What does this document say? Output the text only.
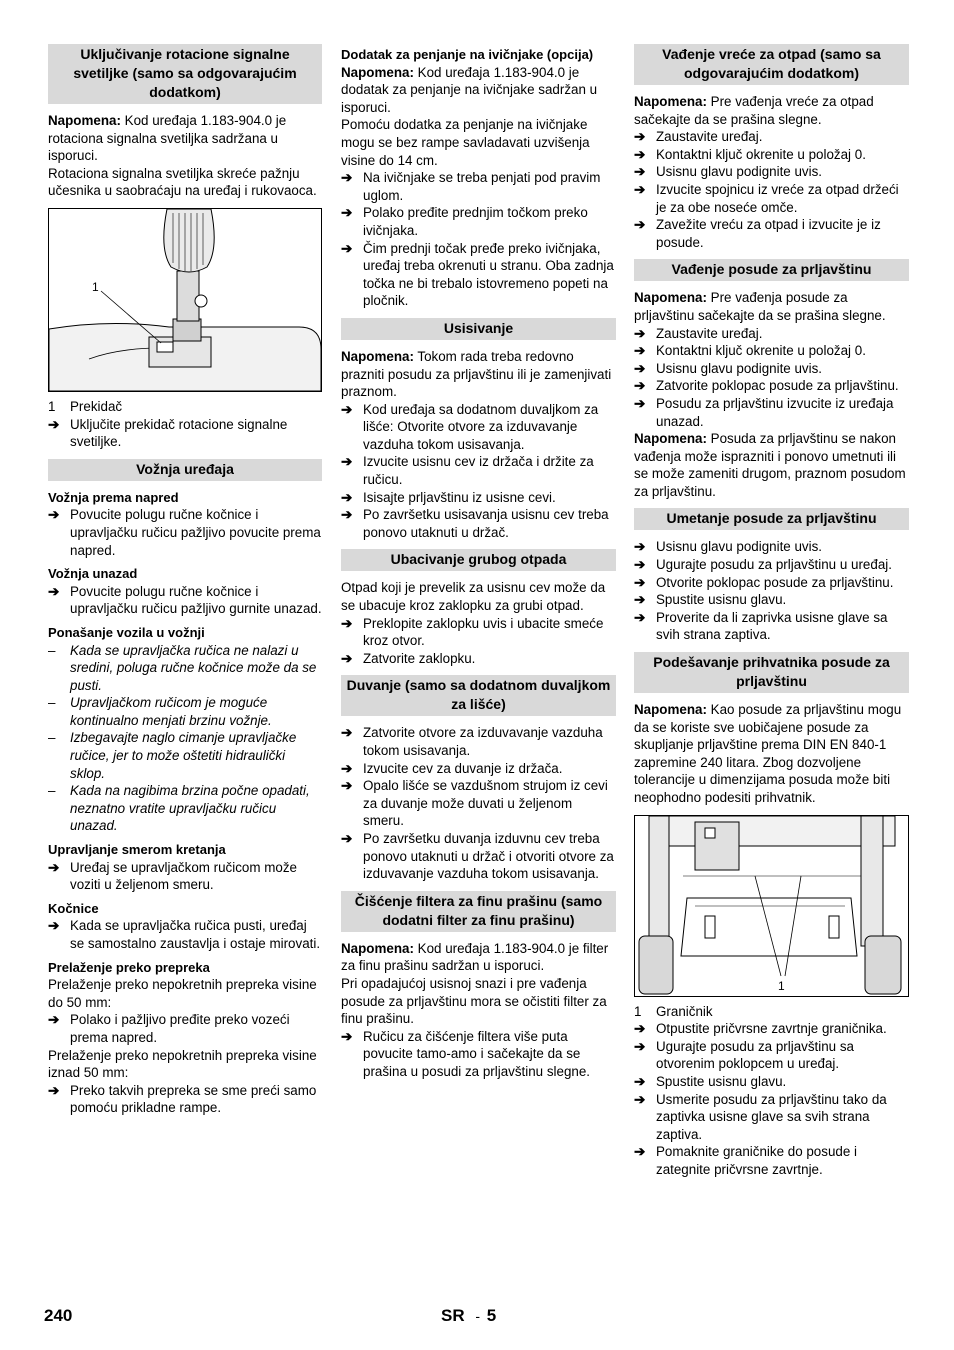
Uključivanje rotacione signalne svetiljke (samo sa odgovarajućim dodatkom)

Napomena: Kod uređaja 1.183-904.0 je rotaciona signalna svetiljka sadržana u isporuci.

Rotaciona signalna svetiljka skreće pažnju učesnika u saobraćaju na uređaj i rukovaoca.

1
1	Prekidač
➔ Uključite prekidač rotacione signalne svetiljke.
Vožnja uređaja
Vožnja prema napred
➔ Povucite polugu ručne kočnice i upravljačku ručicu pažljivo povucite prema napred.
Vožnja unazad
➔ Povucite polugu ručne kočnice i upravljačku ručicu pažljivo gurnite unazad.
Ponašanje vozila u vožnji
–	Kada se upravljačka ručica ne nalazi u sredini, poluga ručne kočnice može da se pusti.
–	Upravljačkom ručicom je moguće kontinualno menjati brzinu vožnje.
–	Izbegavajte naglo cimanje upravljačke ručice, jer to može oštetiti hidraulički sklop.
–	Kada na nagibima brzina počne opadati, neznatno vratite upravljačku ručicu unazad.
Upravljanje smerom kretanja
➔ Uređaj se upravljačkom ručicom može voziti u željenom smeru.
Kočnice
➔ Kada se upravljačka ručica pusti, uređaj se samostalno zaustavlja i ostaje mirovati.
Prelaženje preko prepreka

Prelaženje preko nepokretnih prepreka visine do 50 mm:

➔ Polako i pažljivo pređite preko vozeći prema napred.

Prelaženje preko nepokretnih prepreka visine iznad 50 mm:

➔ Preko takvih prepreka se sme preći samo pomoću prikladne rampe.
Dodatak za penjanje na ivičnjake (opcija)

Napomena: Kod uređaja 1.183-904.0 je dodatak za penjanje na ivičnjake sadržan u isporuci.

Pomoću dodatka za penjanje na ivičnjake mogu se bez rampe savladavati uzvišenja visine do 14 cm.

➔ Na ivičnjake se treba penjati pod pravim uglom.
➔ Polako pređite prednjim točkom preko ivičnjaka.
➔ Čim prednji točak pređe preko ivičnjaka, uređaj treba okrenuti u stranu. Oba zadnja točka ne bi trebalo istovremeno popeti na pločnik.
Usisivanje

Napomena: Tokom rada treba redovno prazniti posudu za prljavštinu ili je zamenjivati praznom.

➔ Kod uređaja sa dodatnom duvaljkom za lišće: Otvorite otvore za izduvavanje vazduha tokom usisavanja.
➔ Izvucite usisnu cev iz držača i držite za ručicu.
➔ Isisajte prljavštinu iz usisne cevi.
➔ Po završetku usisavanja usisnu cev treba ponovo utaknuti u držač.
Ubacivanje grubog otpada

Otpad koji je prevelik za usisnu cev može da se ubacuje kroz zaklopku za grubi otpad.

➔ Preklopite zaklopku uvis i ubacite smeće kroz otvor.
➔ Zatvorite zaklopku.
Duvanje (samo sa dodatnom duvaljkom za lišće)
➔ Zatvorite otvore za izduvavanje vazduha tokom usisavanja.
➔ Izvucite cev za duvanje iz držača.
➔ Opalo lišće se vazdušnom strujom iz cevi za duvanje može duvati u željenom smeru.
➔ Po završetku duvanja izduvnu cev treba ponovo utaknuti u držač i otvoriti otvore za izduvavanje vazduha tokom usisavanja.
Čišćenje filtera za finu prašinu (samo dodatni filter za finu prašinu)

Napomena: Kod uređaja 1.183-904.0 je filter za finu prašinu sadržan u isporuci.

Pri opadajućoj usisnoj snazi i pre vađenja posude za prljavštinu mora se očistiti filter za finu prašinu.

➔ Ručicu za čišćenje filtera više puta povucite tamo-amo i sačekajte da se prašina u posudi za prljavštinu slegne.
Vađenje vreće za otpad (samo sa odgovarajućim dodatkom)

Napomena: Pre vađenja vreće za otpad sačekajte da se prašina slegne.

➔ Zaustavite uređaj.
➔ Kontaktni ključ okrenite u položaj 0.
➔ Usisnu glavu podignite uvis.
➔ Izvucite spojnicu iz vreće za otpad držeći je za obe noseće omče.
➔ Zavežite vreću za otpad i izvucite je iz posude.
Vađenje posude za prljavštinu

Napomena: Pre vađenja posude za prljavštinu sačekajte da se prašina slegne.

➔ Zaustavite uređaj.
➔ Kontaktni ključ okrenite u položaj 0.
➔ Usisnu glavu podignite uvis.
➔ Zatvorite poklopac posude za prljavštinu.
➔ Posudu za prljavštinu izvucite iz uređaja unazad.

Napomena: Posuda za prljavštinu se nakon vađenja može isprazniti i ponovo umetnuti ili se može zameniti drugom, praznom posudom za prljavštinu.

Umetanje posude za prljavštinu
➔ Usisnu glavu podignite uvis.
➔ Ugurajte posudu za prljavštinu u uređaj.
➔ Otvorite poklopac posude za prljavštinu.
➔ Spustite usisnu glavu.
➔ Proverite da li zaprivka usisne glave sa svih strana zaptiva.
Podešavanje prihvatnika posude za prljavštinu

Napomena: Kao posude za prljavštinu mogu da se koriste sve uobičajene posude za skupljanje prljavštine prema DIN EN 840-1 zapremine 240 litara. Zbog dozvoljene tolerancije u dimenzijama posuda može biti neophodno podesiti prihvatnik.

1
1	Graničnik
➔ Otpustite pričvrsne zavrtnje graničnika.
➔ Ugurajte posudu za prljavštinu sa otvorenim poklopcem u uređaj.
➔ Spustite usisnu glavu.
➔ Usmerite posudu za prljavštinu tako da zaptivka usisne glave sa svih strana zaptiva.
➔ Pomaknite graničnike do posude i zategnite pričvrsne zavrtnje.
240	SR - 5
